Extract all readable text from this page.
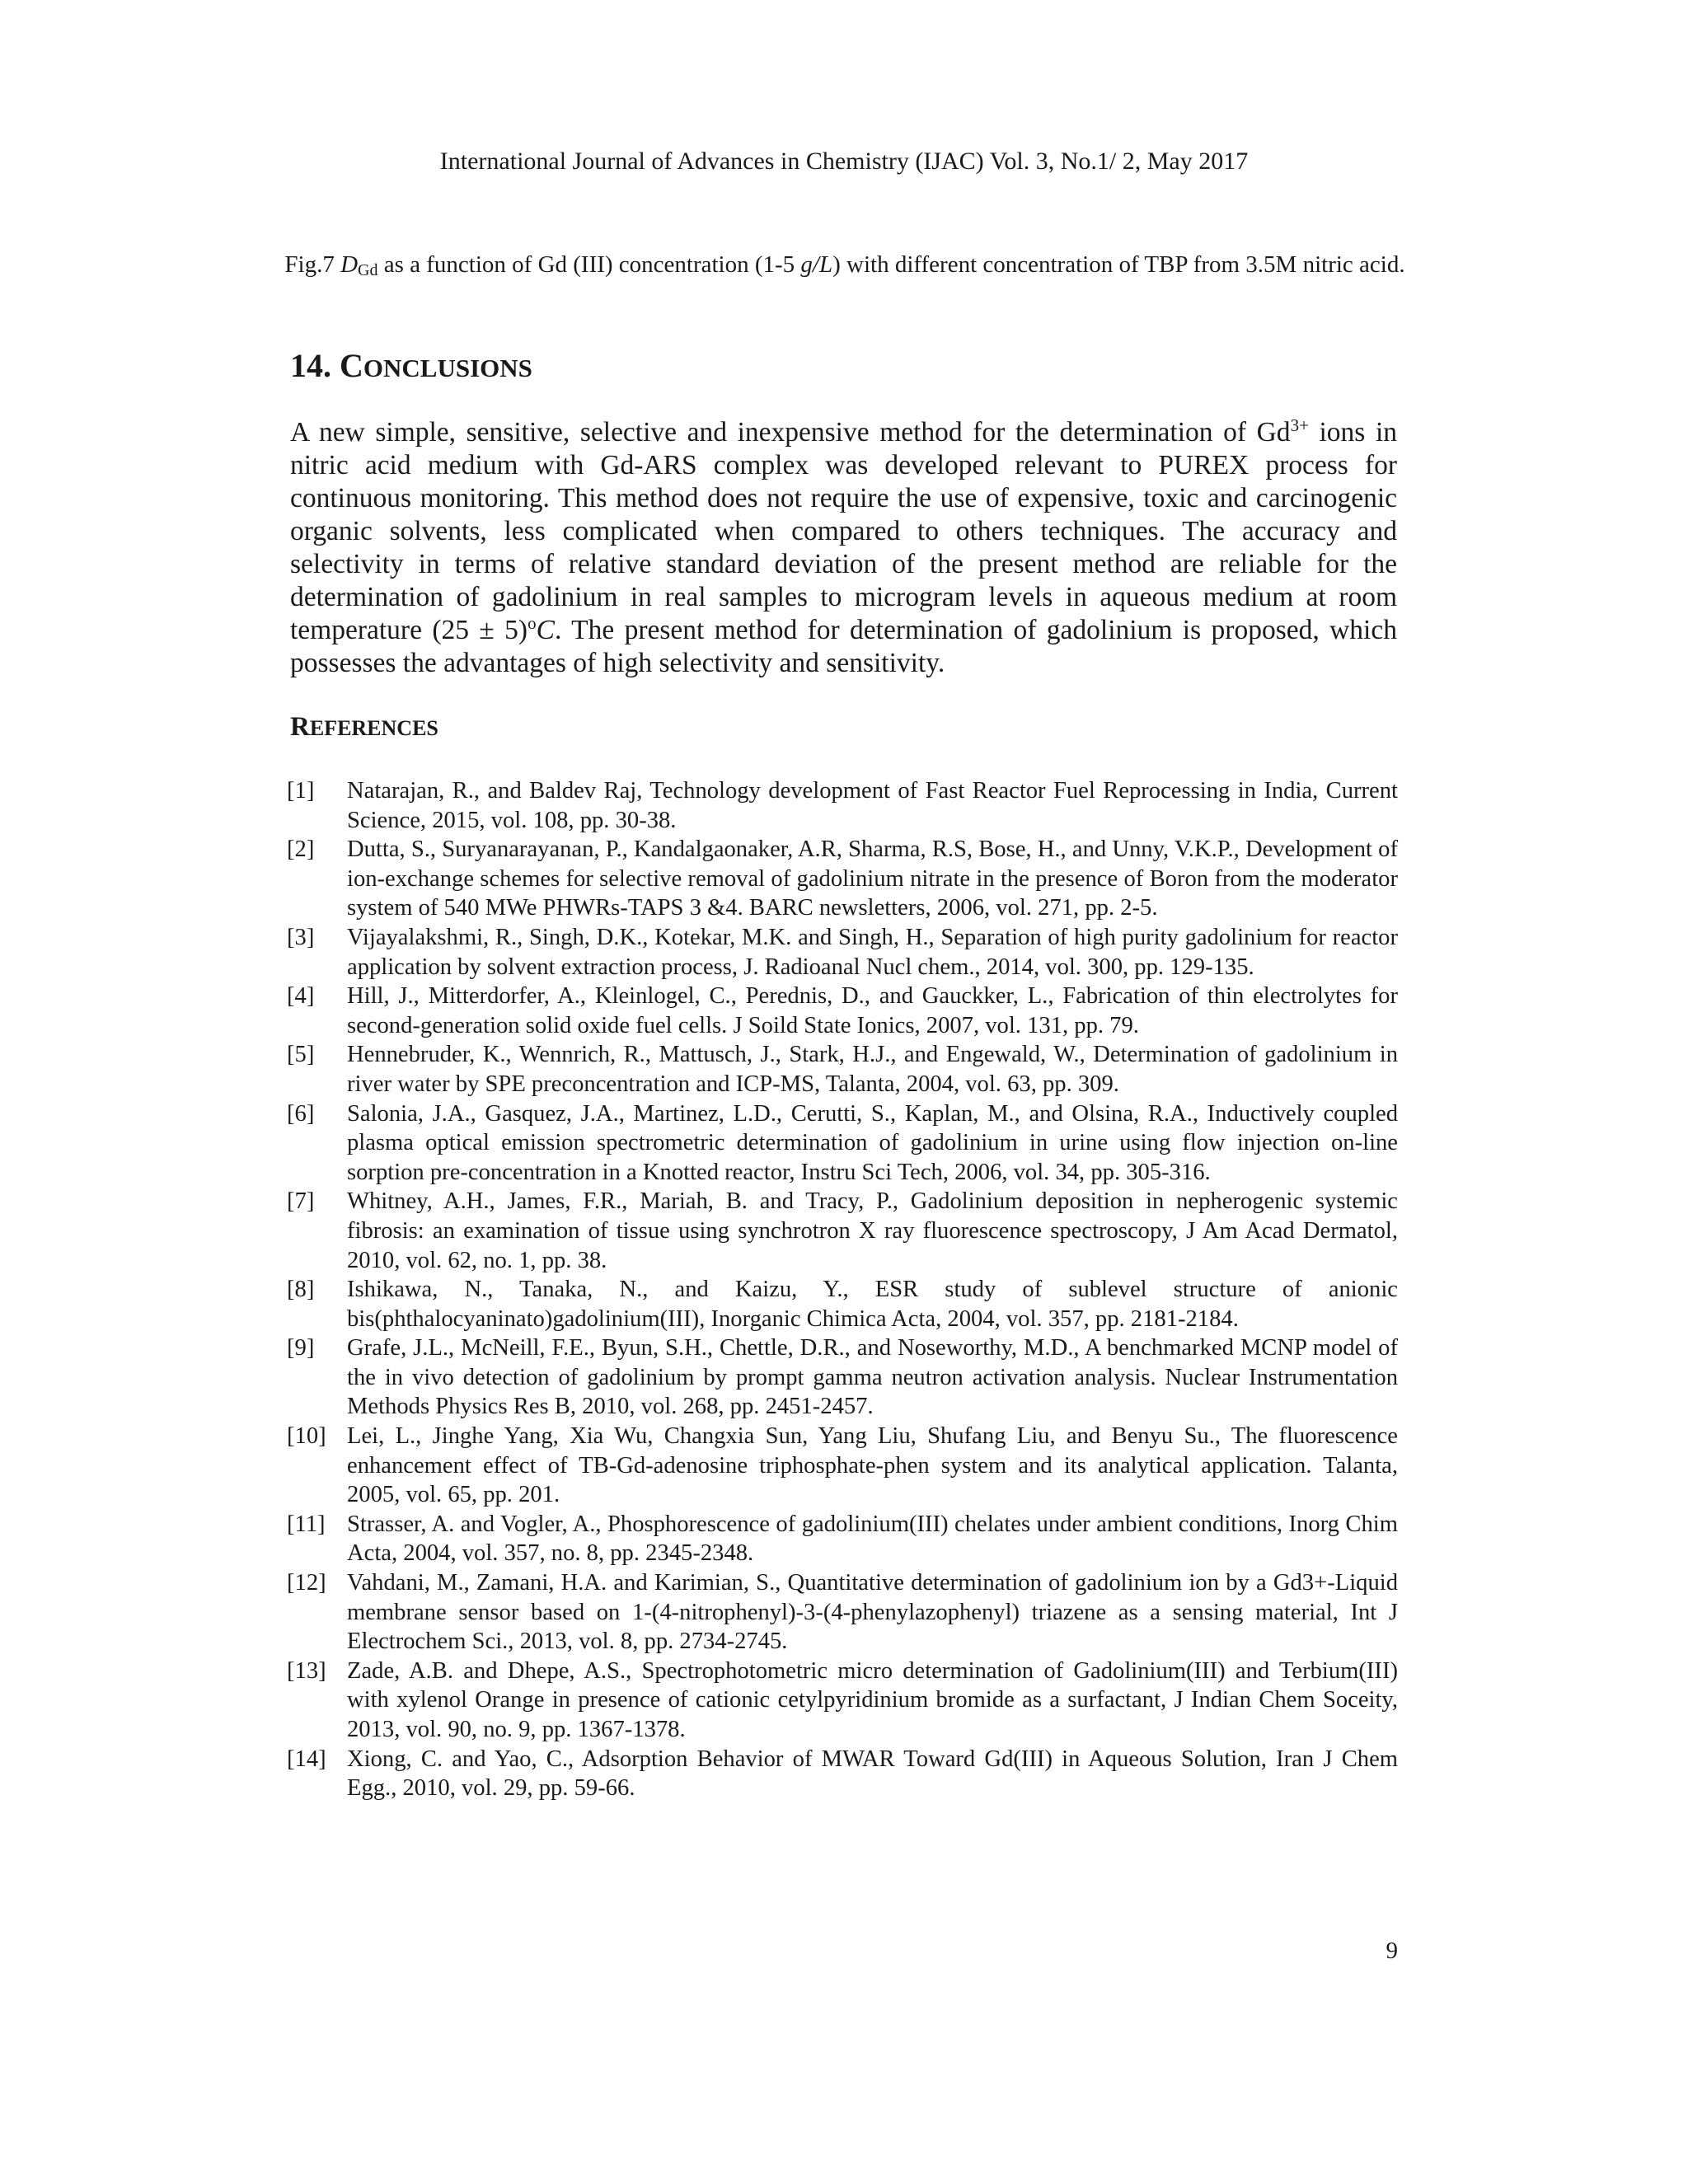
International Journal of Advances in Chemistry (IJAC) Vol. 3, No.1/ 2, May 2017
Fig.7 $D_{Gd}$ as a function of Gd (III) concentration (1-5 g/L) with different concentration of TBP from 3.5M nitric acid.
14. CONCLUSIONS

A new simple, sensitive, selective and inexpensive method for the determination of $Gd^{3+}$ ions in nitric acid medium with Gd-ARS complex was developed relevant to PUREX process for continuous monitoring. This method does not require the use of expensive, toxic and carcinogenic organic solvents, less complicated when compared to others techniques. The accuracy and selectivity in terms of relative standard deviation of the present method are reliable for the determination of gadolinium in real samples to microgram levels in aqueous medium at room temperature $(25 \pm 5)^oC$. The present method for determination of gadolinium is proposed, which possesses the advantages of high selectivity and sensitivity.

REFERENCES
[1]	Natarajan, R., and Baldev Raj, Technology development of Fast Reactor Fuel Reprocessing in India, Current Science, 2015, vol. 108, pp. 30-38.
[2]	Dutta, S., Suryanarayanan, P., Kandalgaonaker, A.R, Sharma, R.S, Bose, H., and Unny, V.K.P., Development of ion-exchange schemes for selective removal of gadolinium nitrate in the presence of Boron from the moderator system of 540 MWe PHWRs-TAPS 3 &4. BARC newsletters, 2006, vol. 271, pp. 2-5.
[3]	Vijayalakshmi, R., Singh, D.K., Kotekar, M.K. and Singh, H., Separation of high purity gadolinium for reactor application by solvent extraction process, J. Radioanal Nucl chem., 2014, vol. 300, pp. 129-135.
[4]	Hill, J., Mitterdorfer, A., Kleinlogel, C., Perednis, D., and Gauckker, L., Fabrication of thin electrolytes for second-generation solid oxide fuel cells. J Soild State Ionics, 2007, vol. 131, pp. 79.
[5]	Hennebruder, K., Wennrich, R., Mattusch, J., Stark, H.J., and Engewald, W., Determination of gadolinium in river water by SPE preconcentration and ICP-MS, Talanta, 2004, vol. 63, pp. 309.
[6]	Salonia, J.A., Gasquez, J.A., Martinez, L.D., Cerutti, S., Kaplan, M., and Olsina, R.A., Inductively coupled plasma optical emission spectrometric determination of gadolinium in urine using flow injection on-line sorption pre-concentration in a Knotted reactor, Instru Sci Tech, 2006, vol. 34, pp. 305-316.
[7]	Whitney, A.H., James, F.R., Mariah, B. and Tracy, P., Gadolinium deposition in nepherogenic systemic fibrosis: an examination of tissue using synchrotron X ray fluorescence spectroscopy, J Am Acad Dermatol, 2010, vol. 62, no. 1, pp. 38.
[8]	Ishikawa, N., Tanaka, N., and Kaizu, Y., ESR study of sublevel structure of anionic bis(phthalocyaninato)gadolinium(III), Inorganic Chimica Acta, 2004, vol. 357, pp. 2181-2184.
[9]	Grafe, J.L., McNeill, F.E., Byun, S.H., Chettle, D.R., and Noseworthy, M.D., A benchmarked MCNP model of the in vivo detection of gadolinium by prompt gamma neutron activation analysis. Nuclear Instrumentation Methods Physics Res B, 2010, vol. 268, pp. 2451-2457.
[10] Lei, L., Jinghe Yang, Xia Wu, Changxia Sun, Yang Liu, Shufang Liu, and Benyu Su., The fluorescence enhancement effect of TB-Gd-adenosine triphosphate-phen system and its analytical application. Talanta, 2005, vol. 65, pp. 201.
[11] Strasser, A. and Vogler, A., Phosphorescence of gadolinium(III) chelates under ambient conditions, Inorg Chim Acta, 2004, vol. 357, no. 8, pp. 2345-2348.
[12] Vahdani, M., Zamani, H.A. and Karimian, S., Quantitative determination of gadolinium ion by a Gd3+-Liquid membrane sensor based on 1-(4-nitrophenyl)-3-(4-phenylazophenyl) triazene as a sensing material, Int J Electrochem Sci., 2013, vol. 8, pp. 2734-2745.
[13] Zade, A.B. and Dhepe, A.S., Spectrophotometric micro determination of Gadolinium(III) and Terbium(III) with xylenol Orange in presence of cationic cetylpyridinium bromide as a surfactant, J Indian Chem Soceity, 2013, vol. 90, no. 9, pp. 1367-1378.
[14] Xiong, C. and Yao, C., Adsorption Behavior of MWAR Toward Gd(III) in Aqueous Solution, Iran J Chem Egg., 2010, vol. 29, pp. 59-66.
9
